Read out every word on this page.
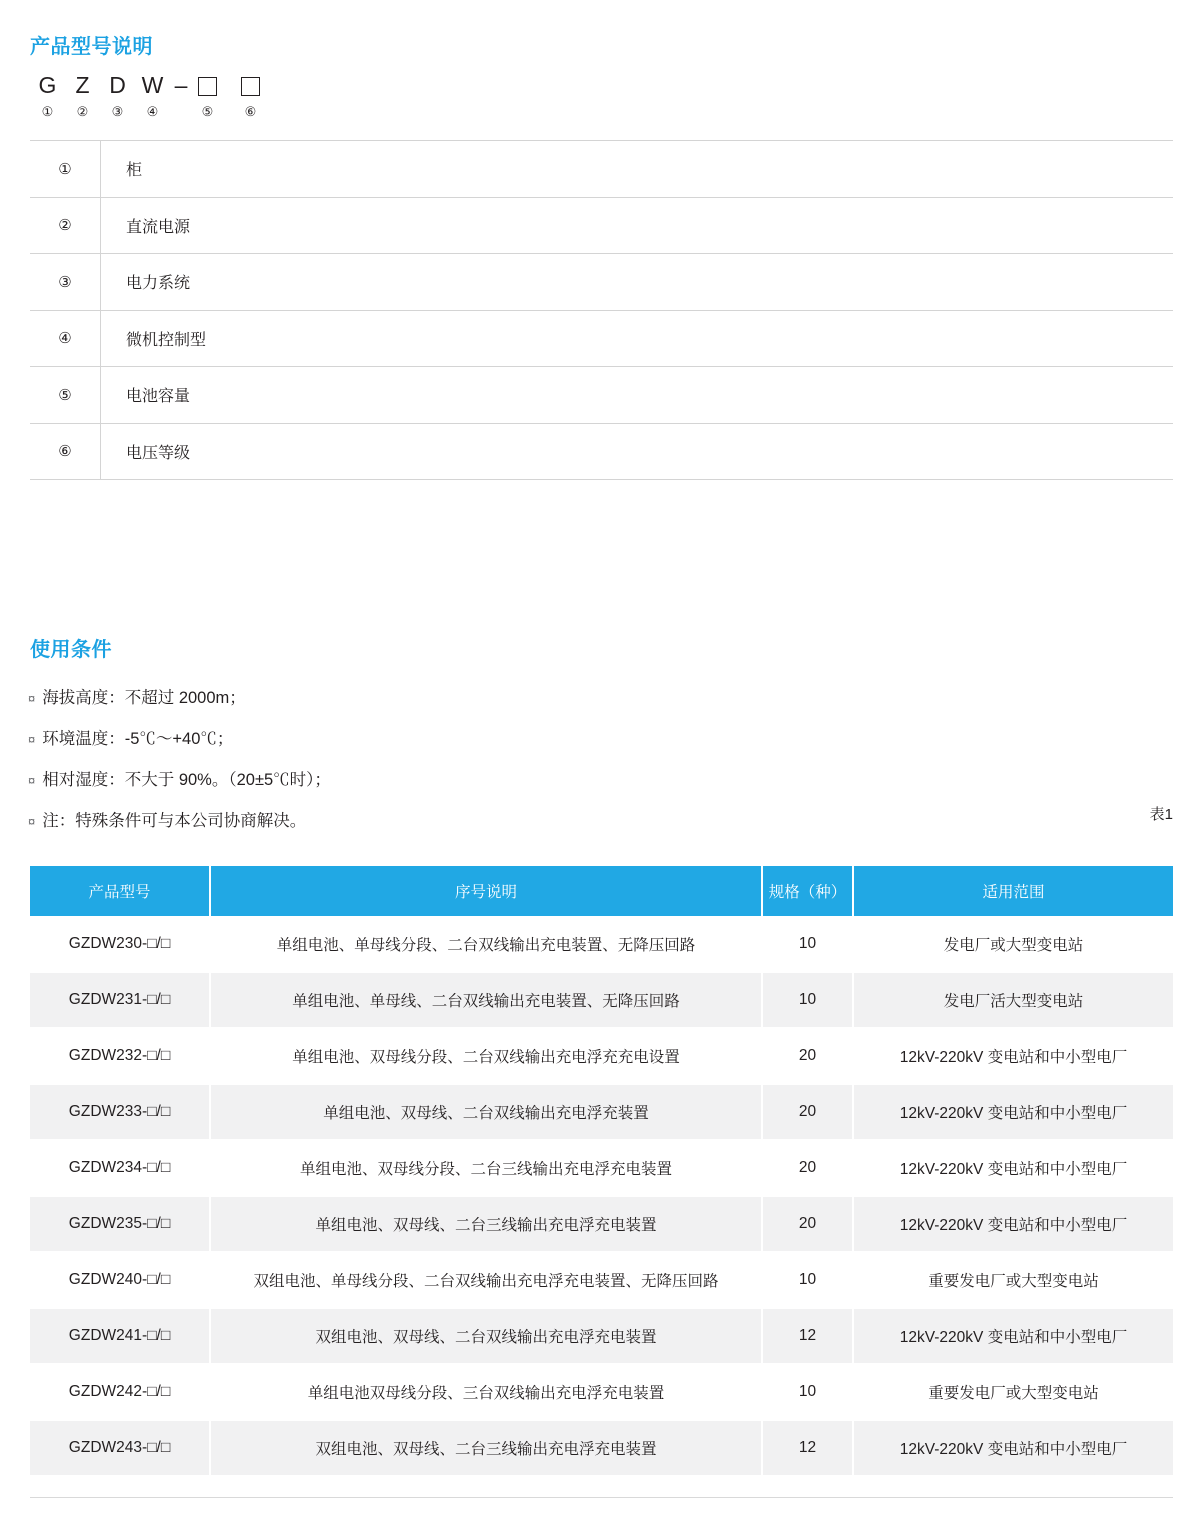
产品型号说明
G Z D W –
①	②	③	④	⑤ ⑥
①	柜
②	直流电源
③	电力系统
④	微机控制型
⑤	电池容量
⑥	电压等级
使用条件
¤ 海拔高度：不超过 2000m；
¤ 环境温度：-5℃～+40℃；
¤ 相对湿度：不大于 90%。（20±5℃时）；
¤ 注：特殊条件可与本公司协商解决。	表1
产品型号	序号说明	规格（种）	适用范围
GZDW230-□/□	单组电池、单母线分段、二台双线输出充电装置、无降压回路	10	发电厂或大型变电站
GZDW231-□/□	单组电池、单母线、二台双线输出充电装置、无降压回路	10	发电厂活大型变电站
GZDW232-□/□	单组电池、双母线分段、二台双线输出充电浮充充电设置	20	12kV-220kV 变电站和中小型电厂
GZDW233-□/□	单组电池、双母线、二台双线输出充电浮充装置	20	12kV-220kV 变电站和中小型电厂
GZDW234-□/□	单组电池、双母线分段、二台三线输出充电浮充电装置	20	12kV-220kV 变电站和中小型电厂
GZDW235-□/□	单组电池、双母线、二台三线输出充电浮充电装置	20	12kV-220kV 变电站和中小型电厂
GZDW240-□/□	双组电池、单母线分段、二台双线输出充电浮充电装置、无降压回路	10	重要发电厂或大型变电站
GZDW241-□/□	双组电池、双母线、二台双线输出充电浮充电装置	12	12kV-220kV 变电站和中小型电厂
GZDW242-□/□	单组电池双母线分段、三台双线输出充电浮充电装置	10	重要发电厂或大型变电站
GZDW243-□/□	双组电池、双母线、二台三线输出充电浮充电装置	12	12kV-220kV 变电站和中小型电厂
